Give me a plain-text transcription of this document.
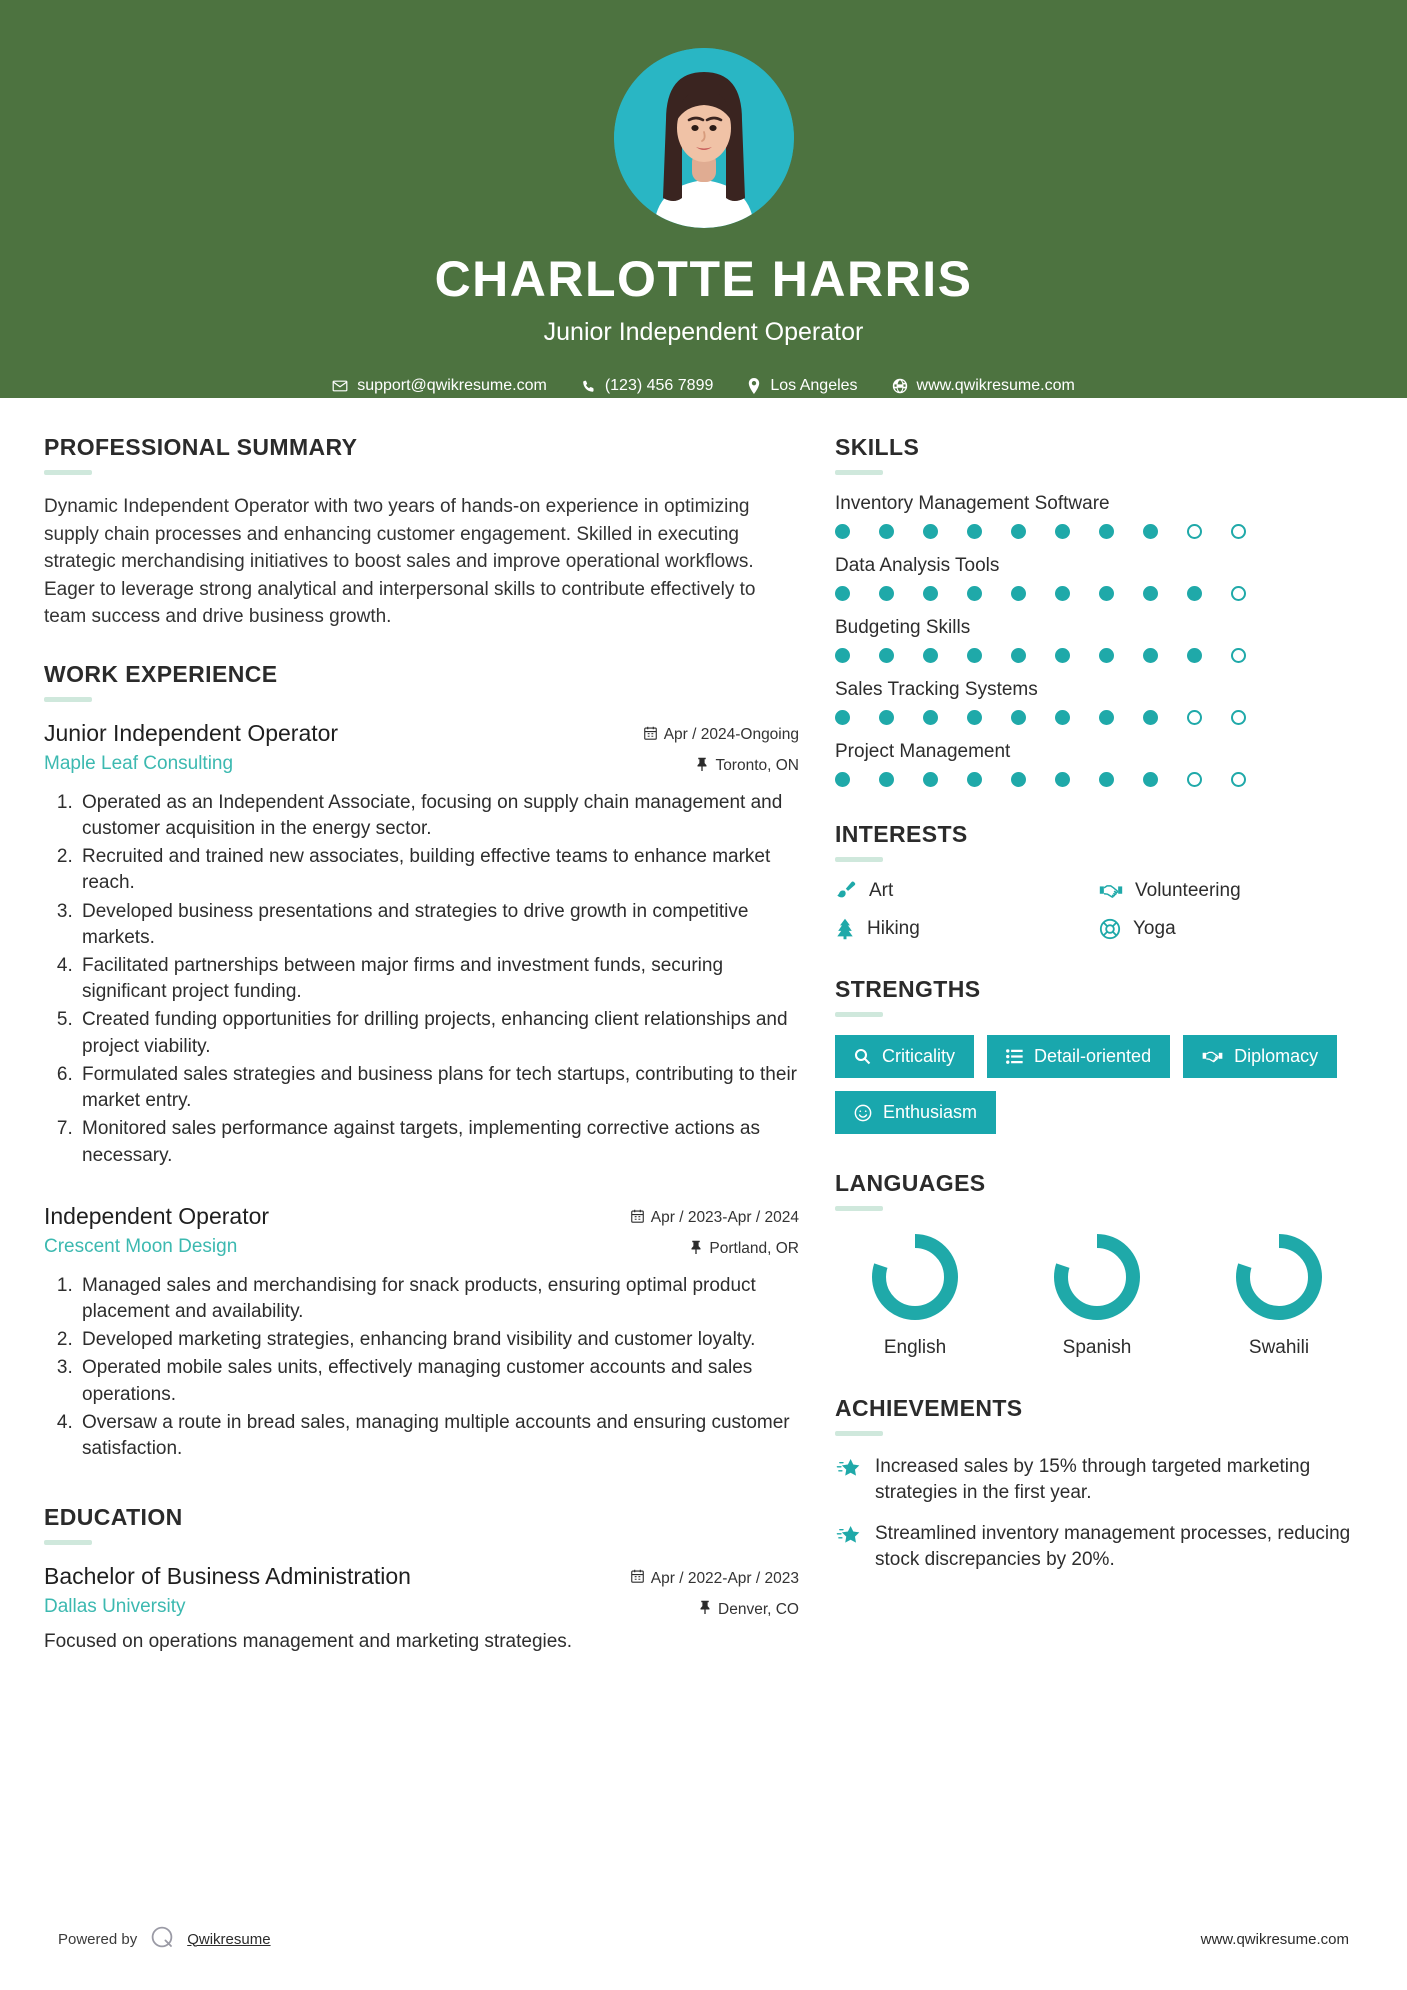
CHARLOTTE HARRIS
Junior Independent Operator
support@qwikresume.com	(123) 456 7899	Los Angeles	www.qwikresume.com
PROFESSIONAL SUMMARY
Dynamic Independent Operator with two years of hands-on experience in optimizing supply chain processes and enhancing customer engagement. Skilled in executing strategic merchandising initiatives to boost sales and improve operational workflows. Eager to leverage strong analytical and interpersonal skills to contribute effectively to team success and drive business growth.
WORK EXPERIENCE
Junior Independent Operator
Maple Leaf Consulting
Apr / 2024-Ongoing
Toronto, ON
1. Operated as an Independent Associate, focusing on supply chain management and customer acquisition in the energy sector.
2. Recruited and trained new associates, building effective teams to enhance market reach.
3. Developed business presentations and strategies to drive growth in competitive markets.
4. Facilitated partnerships between major firms and investment funds, securing significant project funding.
5. Created funding opportunities for drilling projects, enhancing client relationships and project viability.
6. Formulated sales strategies and business plans for tech startups, contributing to their market entry.
7. Monitored sales performance against targets, implementing corrective actions as necessary.
Independent Operator
Crescent Moon Design
Apr / 2023-Apr / 2024
Portland, OR
1. Managed sales and merchandising for snack products, ensuring optimal product placement and availability.
2. Developed marketing strategies, enhancing brand visibility and customer loyalty.
3. Operated mobile sales units, effectively managing customer accounts and sales operations.
4. Oversaw a route in bread sales, managing multiple accounts and ensuring customer satisfaction.
EDUCATION
Bachelor of Business Administration
Dallas University
Apr / 2022-Apr / 2023
Denver, CO
Focused on operations management and marketing strategies.
SKILLS
Inventory Management Software
Data Analysis Tools
Budgeting Skills
Sales Tracking Systems
Project Management
INTERESTS
Art	Volunteering
Hiking	Yoga
STRENGTHS
Criticality	Detail-oriented	Diplomacy
Enthusiasm
LANGUAGES
English	Spanish	Swahili
ACHIEVEMENTS
Increased sales by 15% through targeted marketing strategies in the first year.
Streamlined inventory management processes, reducing stock discrepancies by 20%.
Powered by	Qwikresume	www.qwikresume.com
